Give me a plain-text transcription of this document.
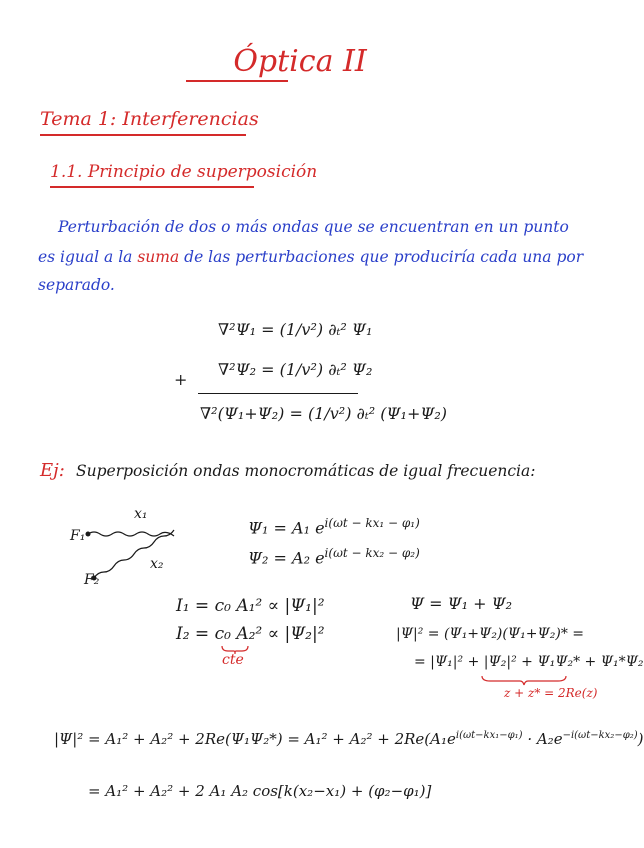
Óptica II
Tema 1: Interferencias
1.1. Principio de superposición
Perturbación de dos o más ondas que se encuentran en un punto
es igual a la suma de las perturbaciones que produciría cada una por
separado.
∇²Ψ₁ = (1/v²) ∂ₜ² Ψ₁
∇²Ψ₂ = (1/v²) ∂ₜ² Ψ₂
+
∇²(Ψ₁+Ψ₂) = (1/v²) ∂ₜ² (Ψ₁+Ψ₂)
Ej: Superposición ondas monocromáticas de igual frecuencia:
F₁
F₂
x₁
x₂
Ψ₁ = A₁ $e^{i(\omega t - kx_1 - \varphi_1)}$
Ψ₂ = A₂ $e^{i(\omega t - kx_2 - \varphi_2)}$
I₁ = c₀ A₁² ∝ |Ψ₁|²
I₂ = c₀ A₂² ∝ |Ψ₂|²
cte
Ψ = Ψ₁ + Ψ₂
|Ψ|² = (Ψ₁+Ψ₂)(Ψ₁+Ψ₂)* =
= |Ψ₁|² + |Ψ₂|² + Ψ₁Ψ₂* + Ψ₁*Ψ₂
z + z* = 2Re(z)
$|\Psi|^2 = A_1^2 + A_2^2 + 2Re(\Psi_1\Psi_2*) = A_1^2 + A_2^2 + 2Re(A_1e^{i(\omega t-kx_1-\varphi_1)} \cdot A_2e^{-i(\omega t-kx_2-\varphi_2)})$
= A₁² + A₂² + 2 A₁ A₂ cos[k(x₂−x₁) + (φ₂−φ₁)]
